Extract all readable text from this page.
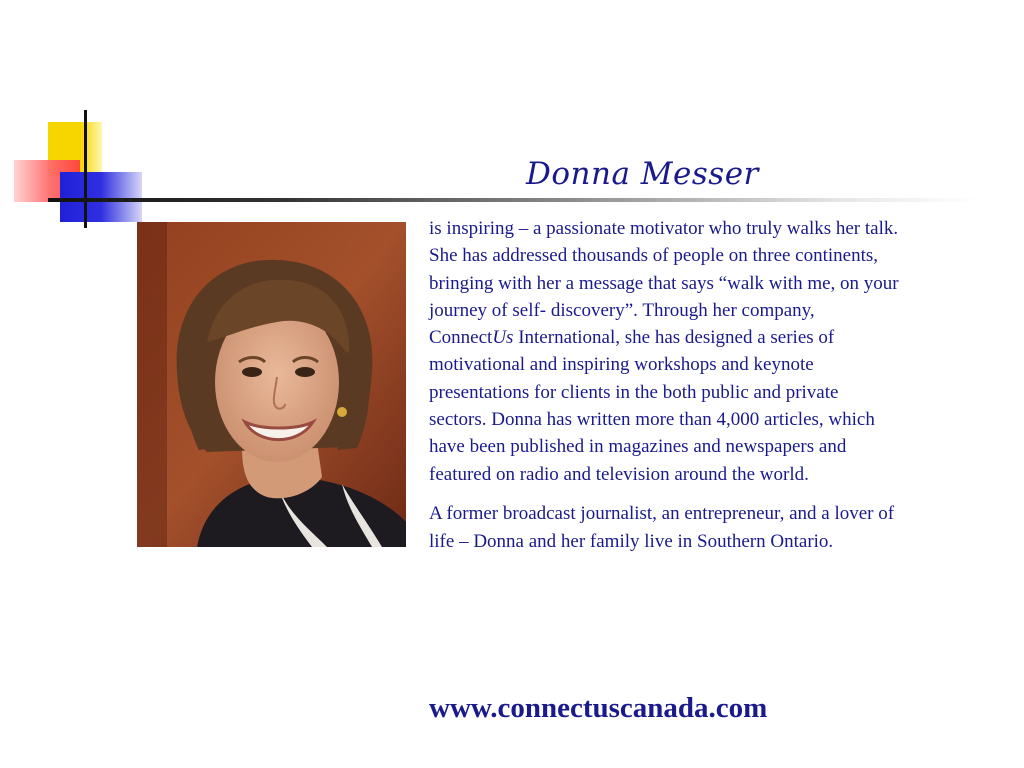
Donna Messer

is inspiring – a passionate motivator who truly walks her talk. She has addressed thousands of people on three continents, bringing with her a message that says “walk with me, on your journey of self- discovery”. Through her company, ConnectUs International, she has designed a series of motivational and inspiring workshops and keynote presentations for clients in the both public and private sectors. Donna has written more than 4,000 articles, which have been published in magazines and newspapers and featured on radio and television around the world.

A former broadcast journalist, an entrepreneur, and a lover of life – Donna and her family live in Southern Ontario.

www.connectuscanada.com
